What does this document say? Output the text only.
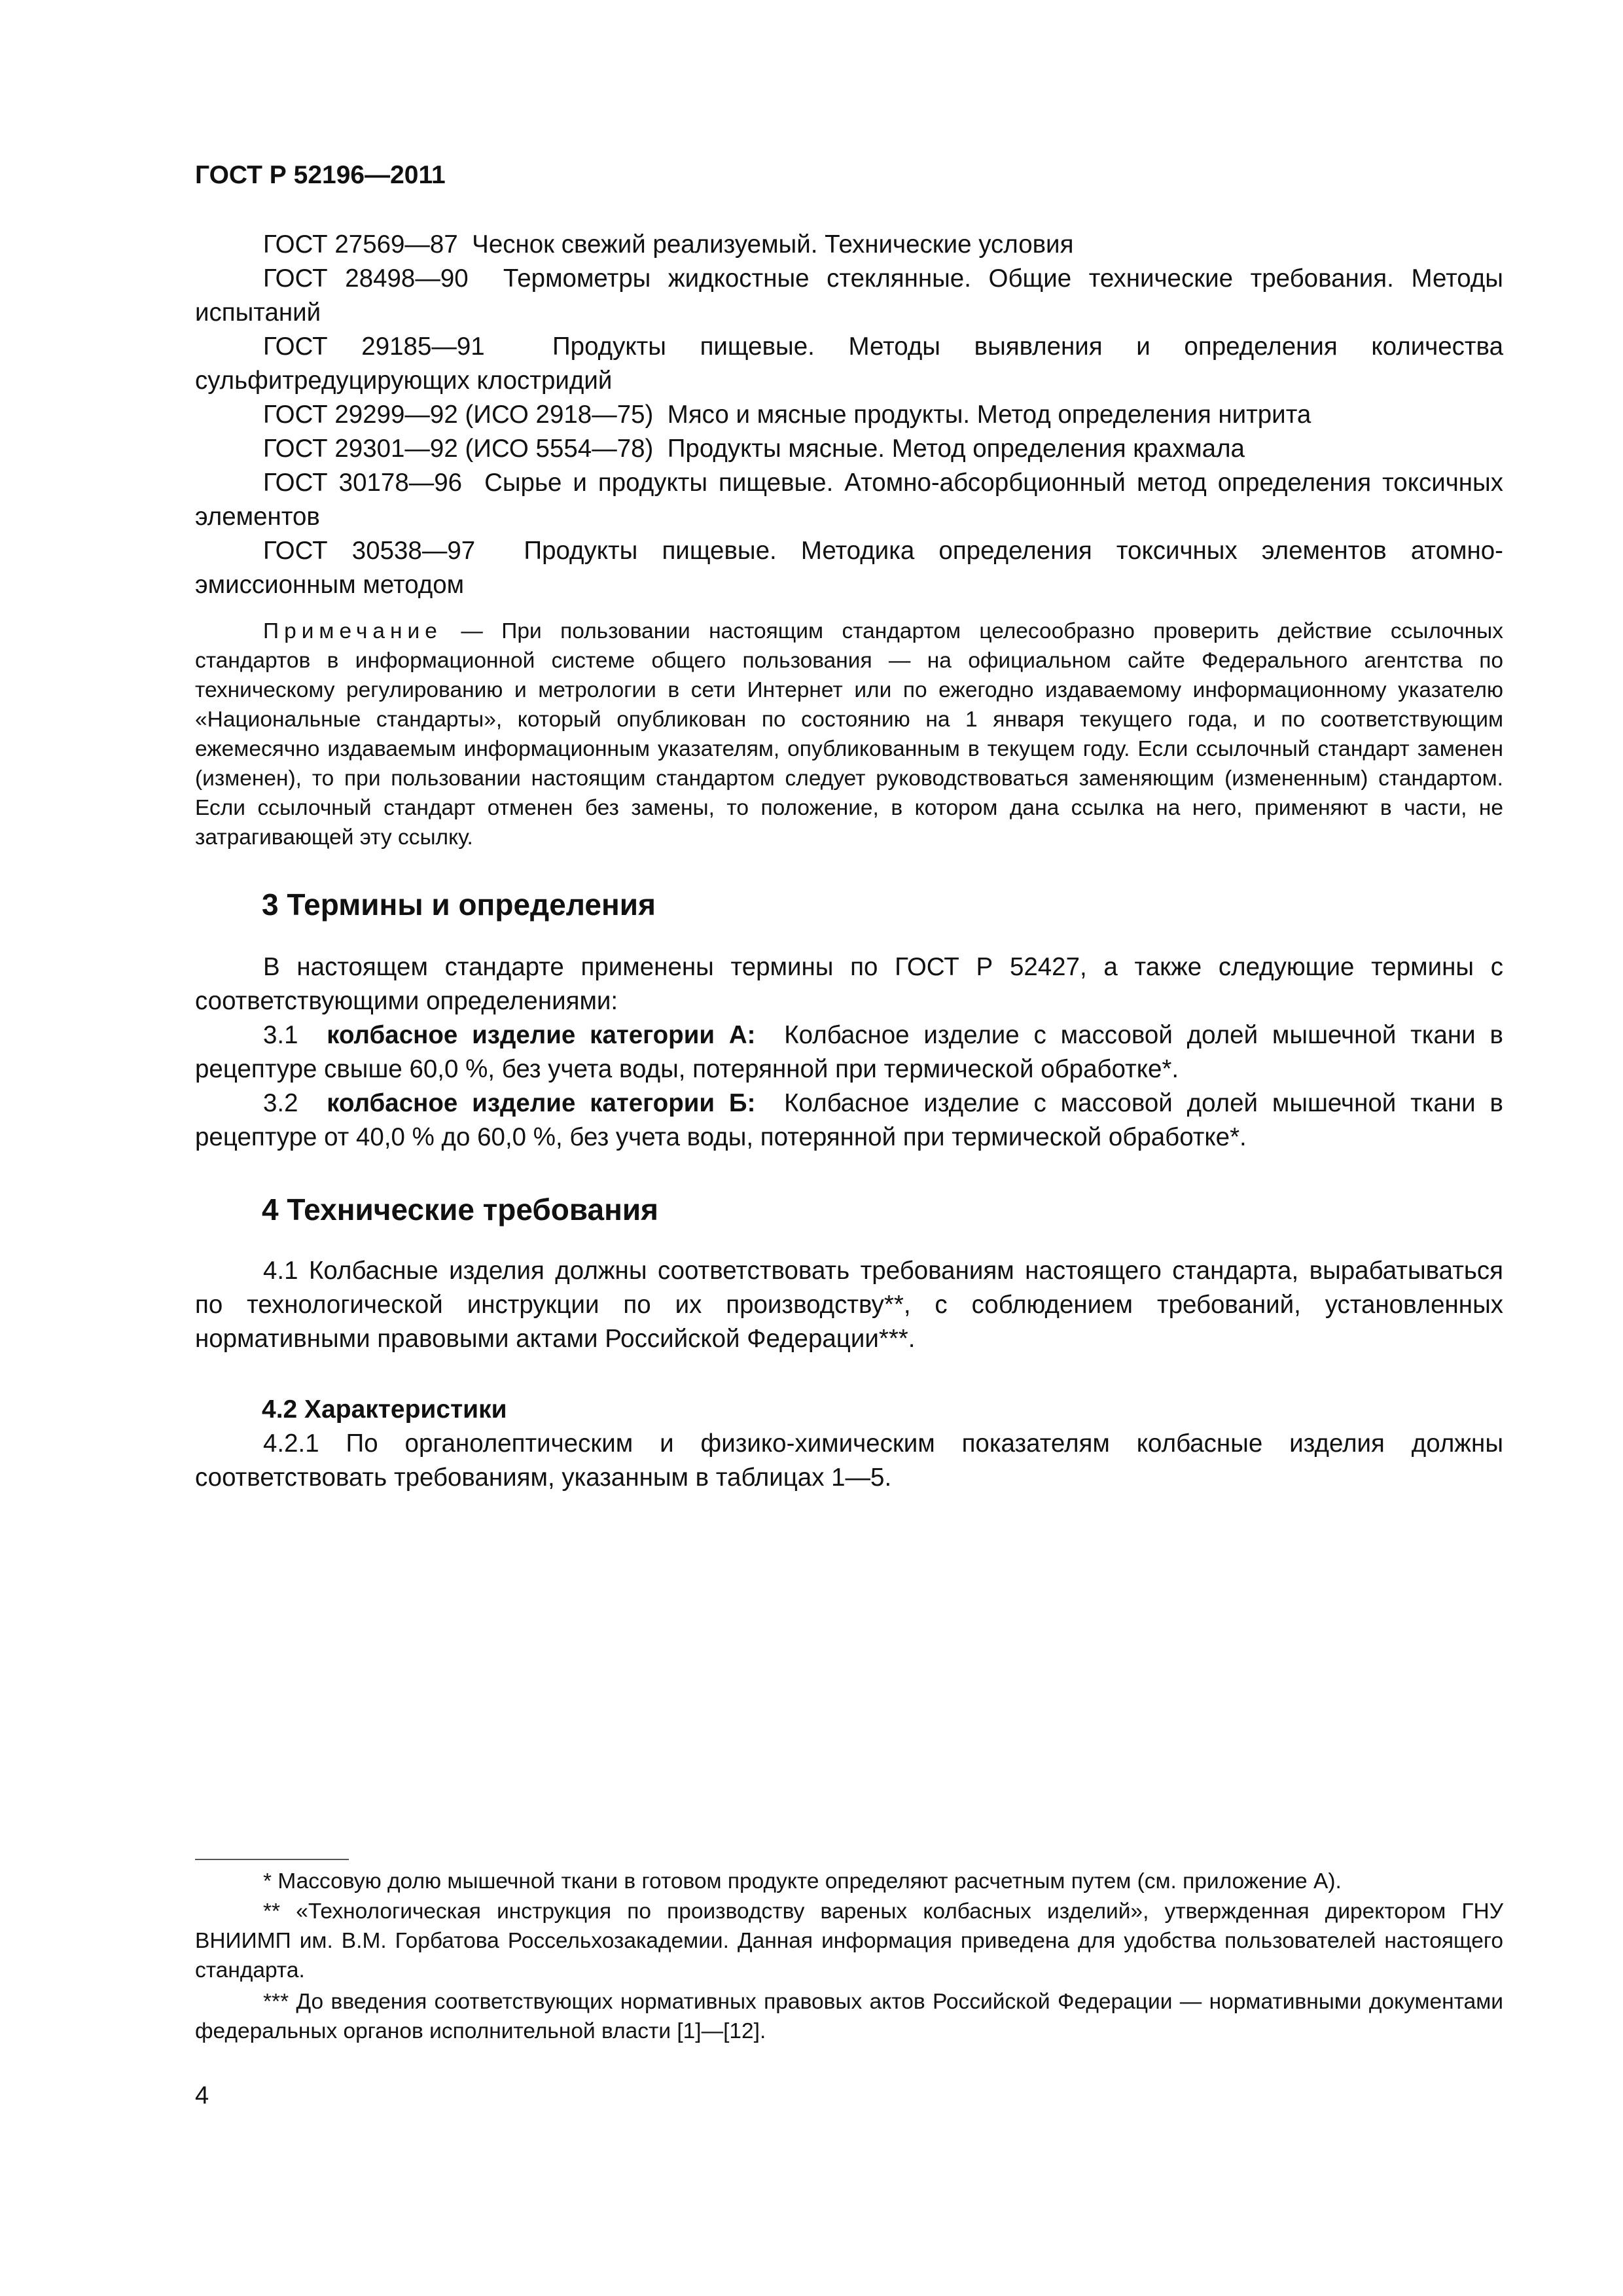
ГОСТ Р 52196—2011

ГОСТ 27569—87 Чеснок свежий реализуемый. Технические условия

ГОСТ 28498—90 Термометры жидкостные стеклянные. Общие технические требования. Методы испытаний

ГОСТ 29185—91	Продукты пищевые. Методы выявления и определения количества сульфитредуцирующих клостридий

ГОСТ 29299—92 (ИСО 2918—75) Мясо и мясные продукты. Метод определения нитрита

ГОСТ 29301—92 (ИСО 5554—78) Продукты мясные. Метод определения крахмала

ГОСТ 30178—96 Сырье и продукты пищевые. Атомно-абсорбционный метод определения токсичных элементов

ГОСТ 30538—97 Продукты пищевые. Методика определения токсичных элементов атомно-эмиссионным методом

Примечание — При пользовании настоящим стандартом целесообразно проверить действие ссылочных стандартов в информационной системе общего пользования — на официальном сайте Федерального агентства по техническому регулированию и метрологии в сети Интернет или по ежегодно издаваемому информационному указателю «Национальные стандарты», который опубликован по состоянию на 1 января текущего года, и по соответствующим ежемесячно издаваемым информационным указателям, опубликованным в текущем году. Если ссылочный стандарт заменен (изменен), то при пользовании настоящим стандартом следует руководствоваться заменяющим (измененным) стандартом. Если ссылочный стандарт отменен без замены, то положение, в котором дана ссылка на него, применяют в части, не затрагивающей эту ссылку.

3 Термины и определения

В настоящем стандарте применены термины по ГОСТ Р 52427, а также следующие термины с соответствующими определениями:

3.1 колбасное изделие категории А: Колбасное изделие с массовой долей мышечной ткани в рецептуре свыше 60,0 %, без учета воды, потерянной при термической обработке*.

3.2 колбасное изделие категории Б: Колбасное изделие с массовой долей мышечной ткани в рецептуре от 40,0 % до 60,0 %, без учета воды, потерянной при термической обработке*.

4 Технические требования

4.1 Колбасные изделия должны соответствовать требованиям настоящего стандарта, вырабатываться по технологической инструкции по их производству**, с соблюдением требований, установленных нормативными правовыми актами Российской Федерации***.

4.2 Характеристики

4.2.1 По органолептическим и физико-химическим показателям колбасные изделия должны соответствовать требованиям, указанным в таблицах 1—5.

* Массовую долю мышечной ткани в готовом продукте определяют расчетным путем (см. приложение А).

** «Технологическая инструкция по производству вареных колбасных изделий», утвержденная директором ГНУ ВНИИМП им. В.М. Горбатова Россельхозакадемии. Данная информация приведена для удобства пользователей настоящего стандарта.

*** До введения соответствующих нормативных правовых актов Российской Федерации — нормативными документами федеральных органов исполнительной власти [1]—[12].

4
